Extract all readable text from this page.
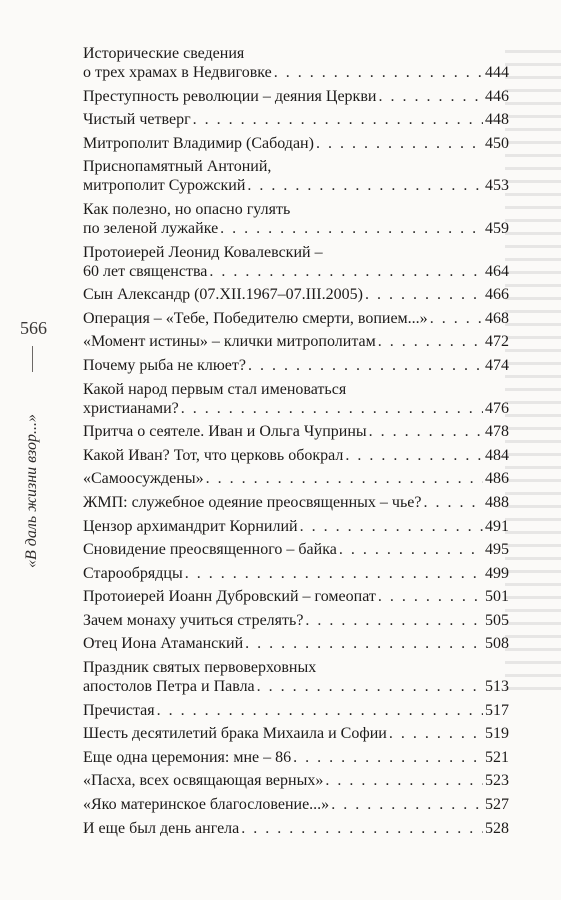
566
«В даль жизни взор...»
Исторические сведения
о трех храмах в Недвиговке . . .	444
Преступность революции – деяния Церкви . . .	446
Чистый четверг . . .	448
Митрополит Владимир (Сабодан) . . .	450
Приснопамятный Антоний,
митрополит Сурожский . . .	453
Как полезно, но опасно гулять
по зеленой лужайке . . .	459
Протоиерей Леонид Ковалевский –
60 лет священства . . .	464
Сын Александр (07.XII.1967–07.III.2005) . . .	466
Операция – «Тебе, Победителю смерти, вопием...» . . .	468
«Момент истины» – клички митрополитам . . .	472
Почему рыба не клюет? . . .	474
Какой народ первым стал именоваться
христианами? . . .	476
Притча о сеятеле. Иван и Ольга Чуприны . . .	478
Какой Иван? Тот, что церковь обокрал . . .	484
«Самоосуждены» . . .	486
ЖМП: служебное одеяние преосвященных – чье? . . .	488
Цензор архимандрит Корнилий . . .	491
Сновидение преосвященного – байка . . .	495
Старообрядцы . . .	499
Протоиерей Иоанн Дубровский – гомеопат . . .	501
Зачем монаху учиться стрелять? . . .	505
Отец Иона Атаманский . . .	508
Праздник святых первоверховных
апостолов Петра и Павла . . .	513
Пречистая . . .	517
Шесть десятилетий брака Михаила и Софии . . .	519
Еще одна церемония: мне – 86 . . .	521
«Пасха, всех освящающая верных» . . .	523
«Яко материнское благословение...» . . .	527
И еще был день ангела . . .	528
